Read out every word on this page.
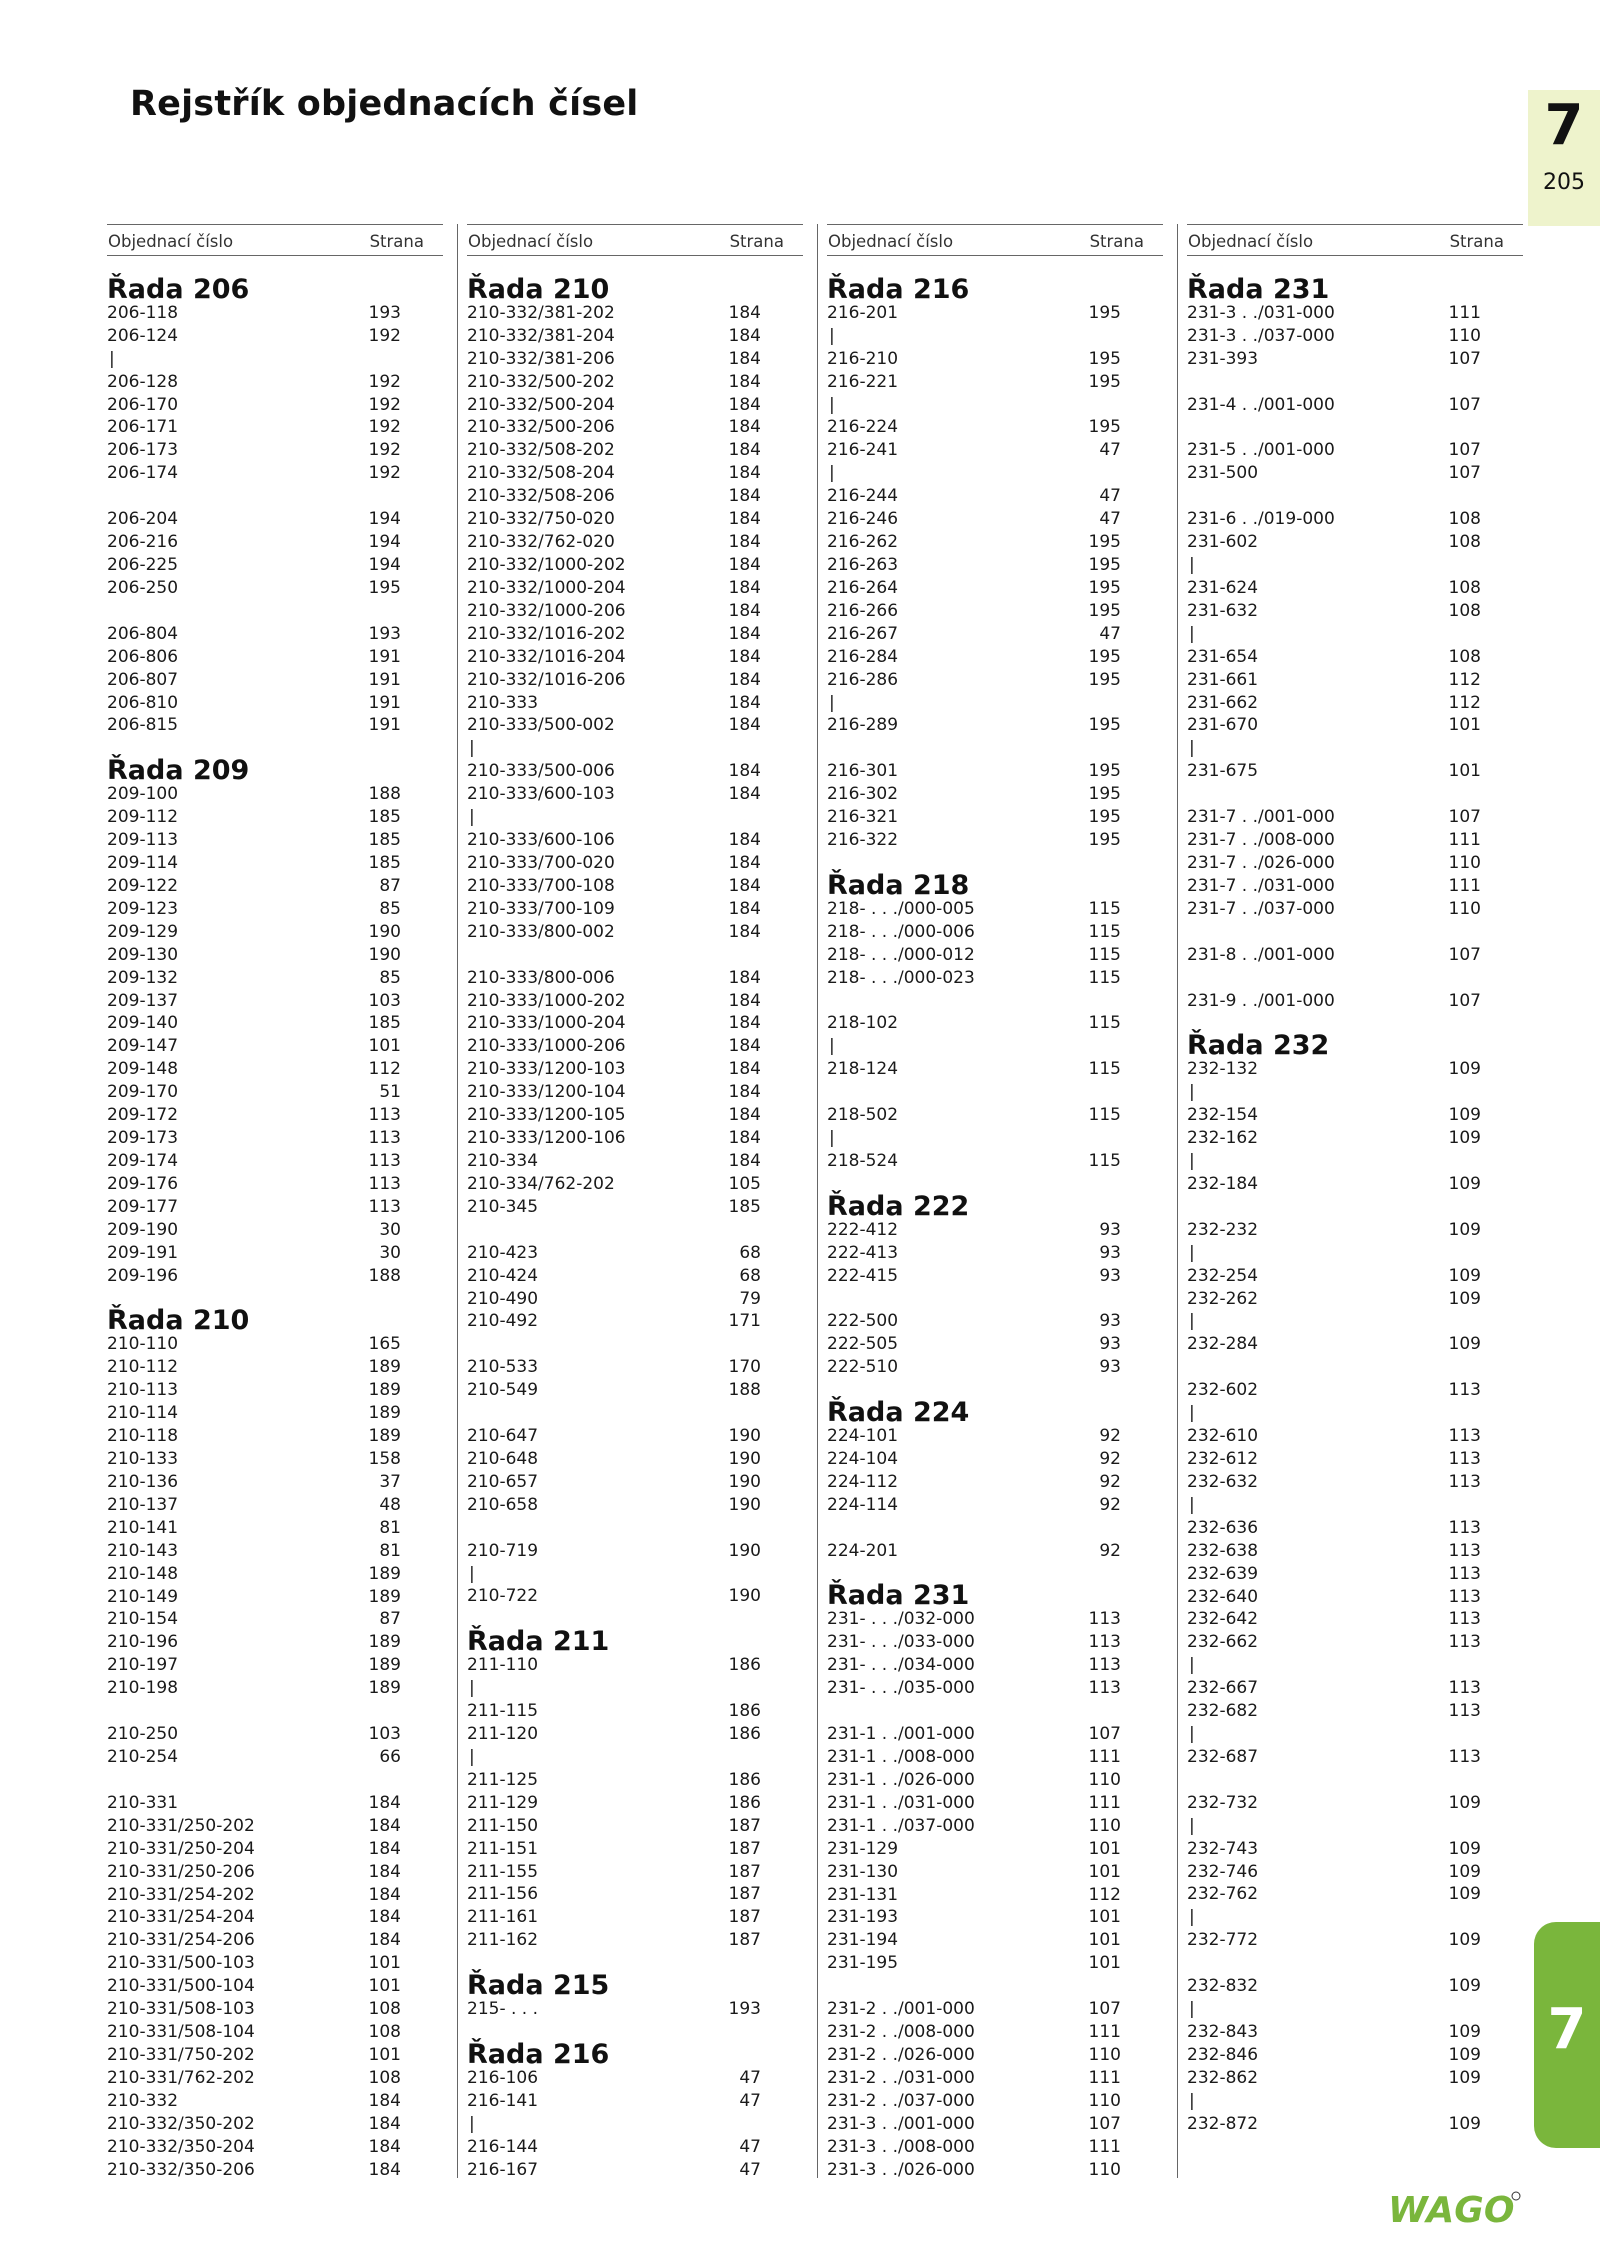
Rejstřík objednacích čísel	7
205
7
Objednací číslo	Strana
Řada 206
206-118	193
206-124	192
|
206-128	192
206-170	192
206-171	192
206-173	192
206-174	192
206-204	194
206-216	194
206-225	194
206-250	195
206-804	193
206-806	191
206-807	191
206-810	191
206-815	191
Řada 209
209-100	188
209-112	185
209-113	185
209-114	185
209-122	87
209-123	85
209-129	190
209-130	190
209-132	85
209-137	103
209-140	185
209-147	101
209-148	112
209-170	51
209-172	113
209-173	113
209-174	113
209-176	113
209-177	113
209-190	30
209-191	30
209-196	188
Řada 210
210-110	165
210-112	189
210-113	189
210-114	189
210-118	189
210-133	158
210-136	37
210-137	48
210-141	81
210-143	81
210-148	189
210-149	189
210-154	87
210-196	189
210-197	189
210-198	189
210-250	103
210-254	66
210-331	184
210-331/250-202	184
210-331/250-204	184
210-331/250-206	184
210-331/254-202	184
210-331/254-204	184
210-331/254-206	184
210-331/500-103	101
210-331/500-104	101
210-331/508-103	108
210-331/508-104	108
210-331/750-202	101
210-331/762-202	108
210-332	184
210-332/350-202	184
210-332/350-204	184
210-332/350-206	184
Objednací číslo	Strana
Řada 210
210-332/381-202	184
210-332/381-204	184
210-332/381-206	184
210-332/500-202	184
210-332/500-204	184
210-332/500-206	184
210-332/508-202	184
210-332/508-204	184
210-332/508-206	184
210-332/750-020	184
210-332/762-020	184
210-332/1000-202	184
210-332/1000-204	184
210-332/1000-206	184
210-332/1016-202	184
210-332/1016-204	184
210-332/1016-206	184
210-333	184
210-333/500-002	184
|
210-333/500-006	184
210-333/600-103	184
|
210-333/600-106	184
210-333/700-020	184
210-333/700-108	184
210-333/700-109	184
210-333/800-002	184
210-333/800-006	184
210-333/1000-202	184
210-333/1000-204	184
210-333/1000-206	184
210-333/1200-103	184
210-333/1200-104	184
210-333/1200-105	184
210-333/1200-106	184
210-334	184
210-334/762-202	105
210-345	185
210-423	68
210-424	68
210-490	79
210-492	171
210-533	170
210-549	188
210-647	190
210-648	190
210-657	190
210-658	190
210-719	190
|
210-722	190
Řada 211
211-110	186
|
211-115	186
211-120	186
|
211-125	186
211-129	186
211-150	187
211-151	187
211-155	187
211-156	187
211-161	187
211-162	187
Řada 215
215- . . .	193
Řada 216
216-106	47
216-141	47
|
216-144	47
216-167	47
Objednací číslo	Strana
Řada 216
216-201	195
|
216-210	195
216-221	195
|
216-224	195
216-241	47
|
216-244	47
216-246	47
216-262	195
216-263	195
216-264	195
216-266	195
216-267	47
216-284	195
216-286	195
|
216-289	195
216-301	195
216-302	195
216-321	195
216-322	195
Řada 218
218- . . ./000-005	115
218- . . ./000-006	115
218- . . ./000-012	115
218- . . ./000-023	115
218-102	115
|
218-124	115
218-502	115
|
218-524	115
Řada 222
222-412	93
222-413	93
222-415	93
222-500	93
222-505	93
222-510	93
Řada 224
224-101	92
224-104	92
224-112	92
224-114	92
224-201	92
Řada 231
231- . . ./032-000	113
231- . . ./033-000	113
231- . . ./034-000	113
231- . . ./035-000	113
231-1 . ./001-000	107
231-1 . ./008-000	111
231-1 . ./026-000	110
231-1 . ./031-000	111
231-1 . ./037-000	110
231-129	101
231-130	101
231-131	112
231-193	101
231-194	101
231-195	101
231-2 . ./001-000	107
231-2 . ./008-000	111
231-2 . ./026-000	110
231-2 . ./031-000	111
231-2 . ./037-000	110
231-3 . ./001-000	107
231-3 . ./008-000	111
231-3 . ./026-000	110
Objednací číslo	Strana
Řada 231
231-3 . ./031-000	111
231-3 . ./037-000	110
231-393	107
231-4 . ./001-000	107
231-5 . ./001-000	107
231-500	107
231-6 . ./019-000	108
231-602	108
|
231-624	108
231-632	108
|
231-654	108
231-661	112
231-662	112
231-670	101
|
231-675	101
231-7 . ./001-000	107
231-7 . ./008-000	111
231-7 . ./026-000	110
231-7 . ./031-000	111
231-7 . ./037-000	110
231-8 . ./001-000	107
231-9 . ./001-000	107
Řada 232
232-132	109
|
232-154	109
232-162	109
|
232-184	109
232-232	109
|
232-254	109
232-262	109
|
232-284	109
232-602	113
|
232-610	113
232-612	113
232-632	113
|
232-636	113
232-638	113
232-639	113
232-640	113
232-642	113
232-662	113
|
232-667	113
232-682	113
|
232-687	113
232-732	109
|
232-743	109
232-746	109
232-762	109
|
232-772	109
232-832	109
|
232-843	109
232-846	109
232-862	109
|
232-872	109
WAGO
